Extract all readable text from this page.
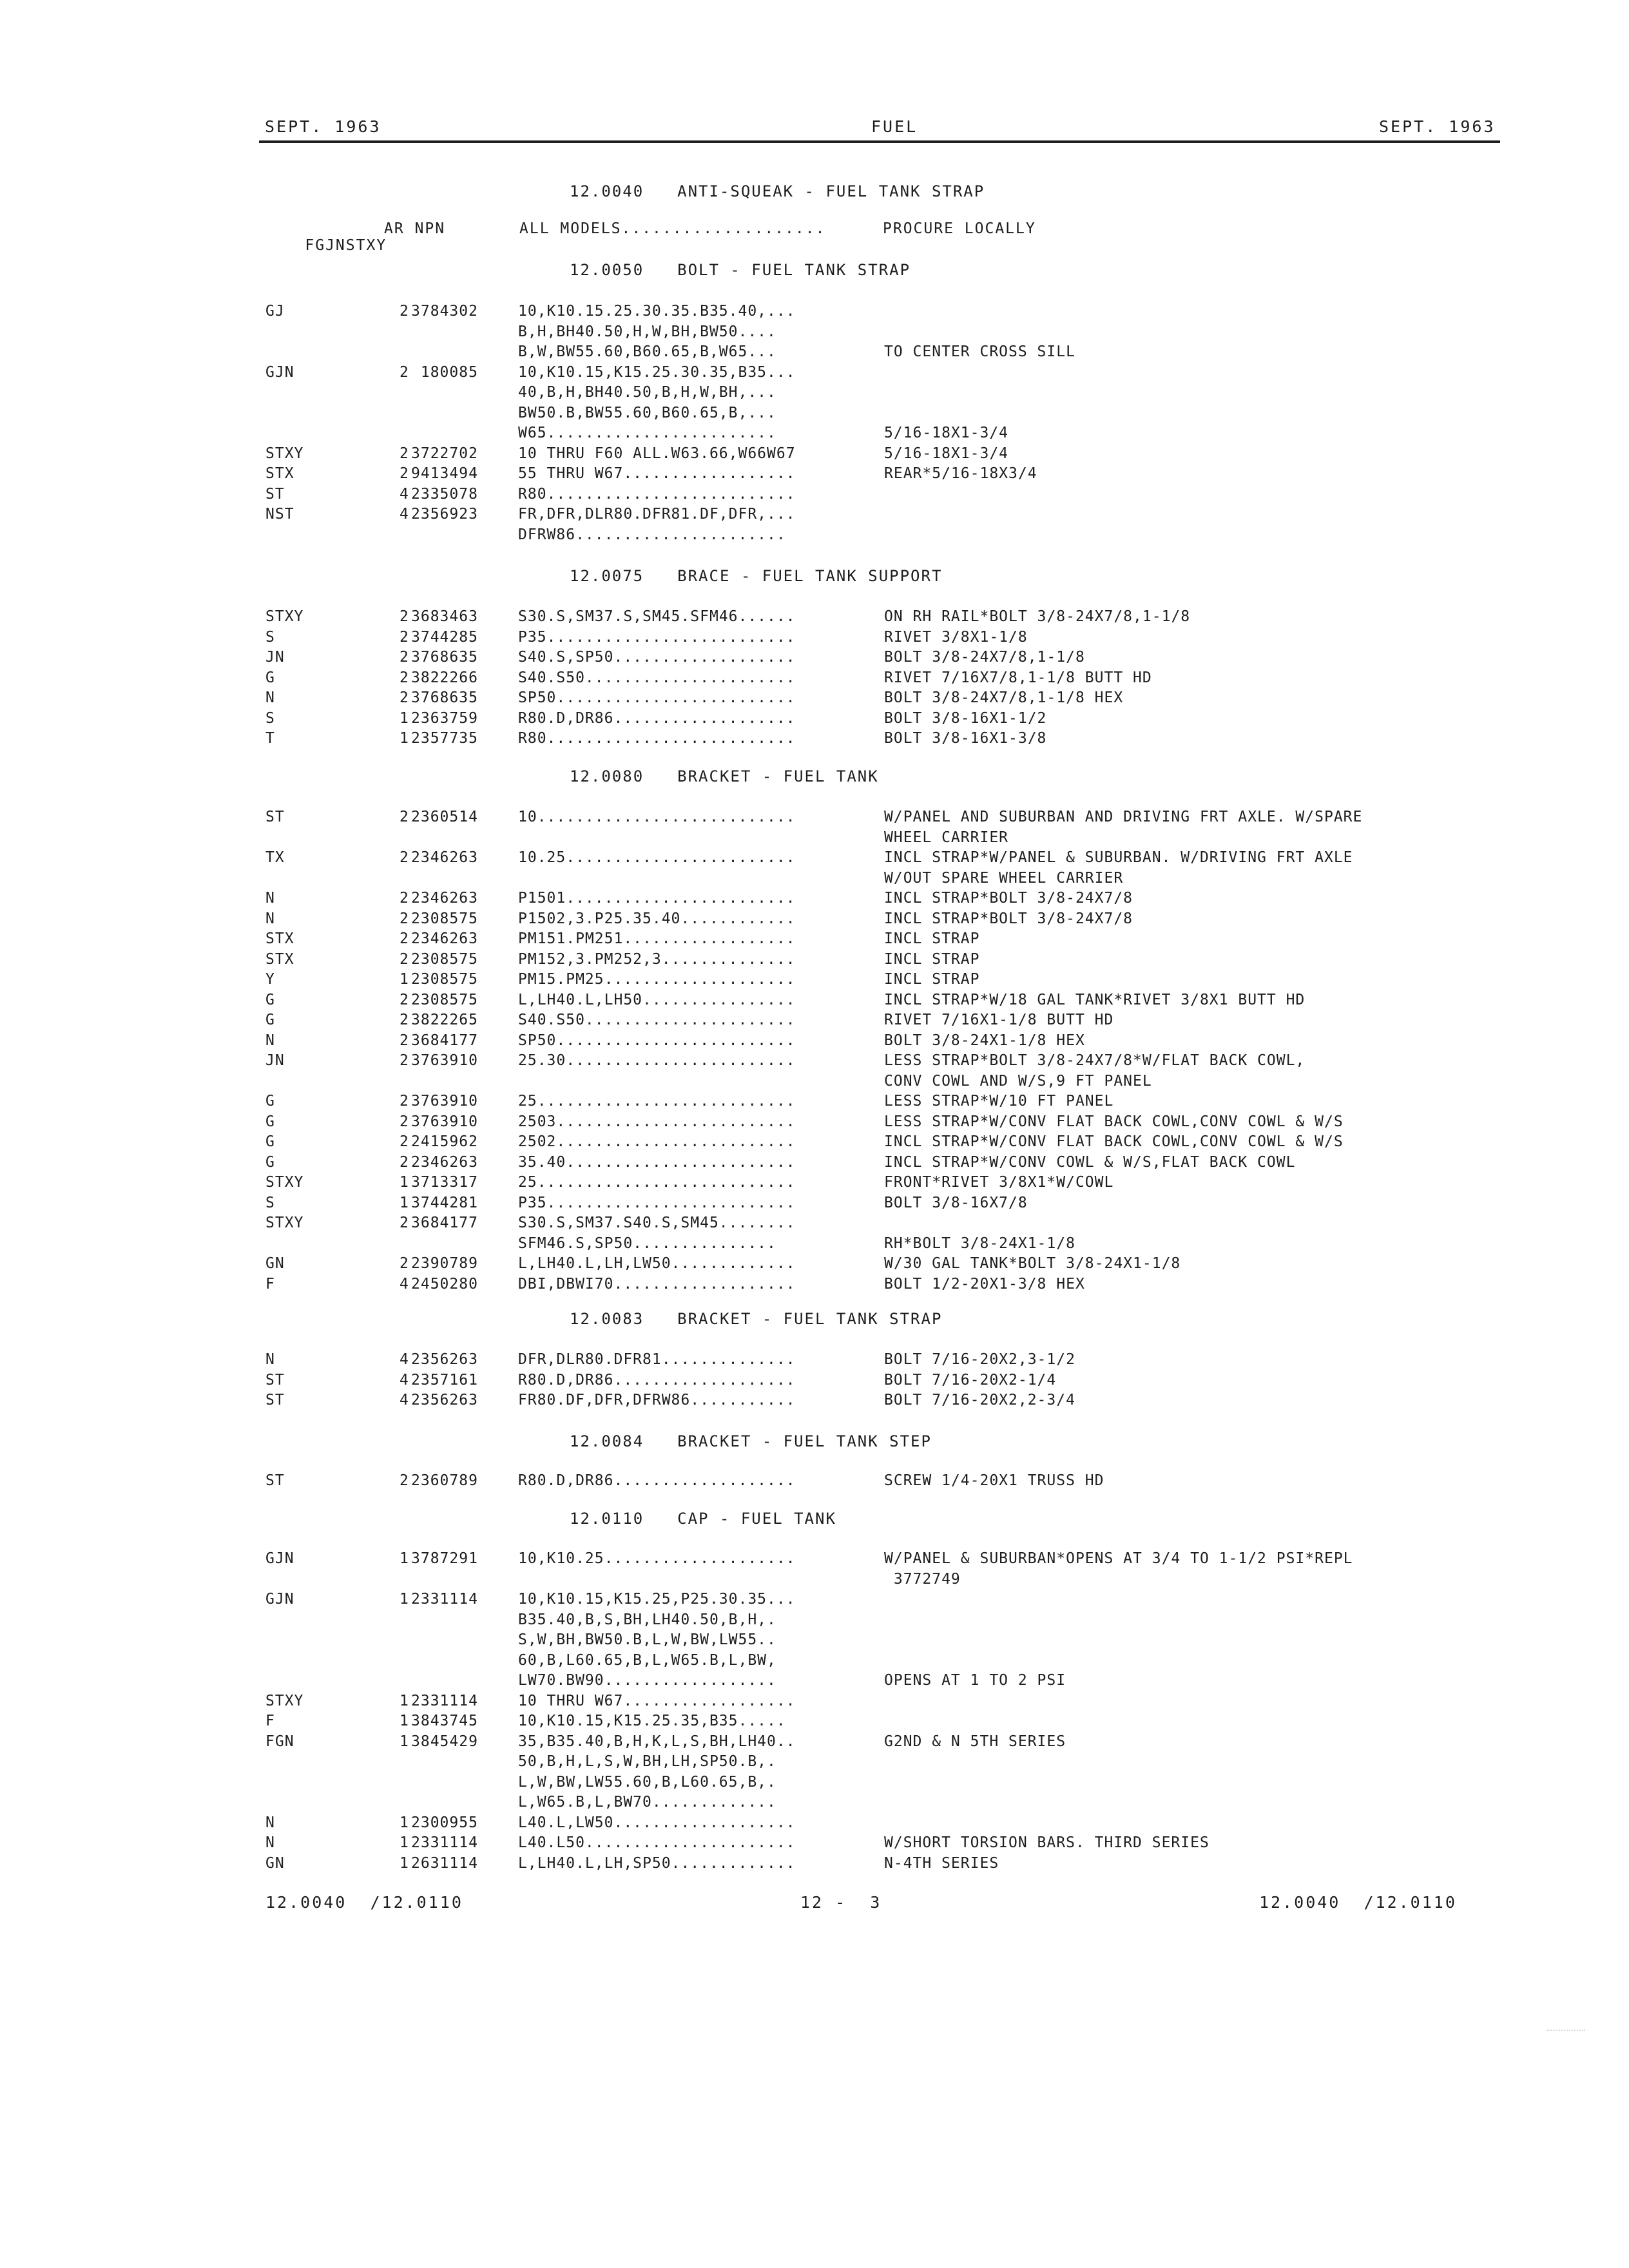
SEPT. 1963	FUEL	SEPT. 1963

FGJNSTXY
AR NPN	ALL MODELS....................	PROCURE LOCALLY

12.0040 ANTI-SQUEAK - FUEL TANK STRAP
12.0050 BOLT - FUEL TANK STRAP
GJ	2 3784302	10,K10.15.25.30.35.B35.40,...
B,H,BH40.50,H,W,BH,BW50....
B,W,BW55.60,B60.65,B,W65...	TO CENTER CROSS SILL
GJN	2 180085	10,K10.15,K15.25.30.35,B35...
40,B,H,BH40.50,B,H,W,BH,...
BW50.B,BW55.60,B60.65,B,...
W65........................	5/16-18X1-3/4
STXY	2 3722702	10 THRU F60 ALL.W63.66,W66W67	5/16-18X1-3/4
STX	2 9413494	55 THRU W67..................	REAR*5/16-18X3/4
ST	4 2335078	R80..........................
NST	4 2356923	FR,DFR,DLR80.DFR81.DF,DFR,...
DFRW86......................
12.0075 BRACE - FUEL TANK SUPPORT
STXY	2 3683463	S30.S,SM37.S,SM45.SFM46......	ON RH RAIL*BOLT 3/8-24X7/8,1-1/8
S	2 3744285	P35..........................	RIVET 3/8X1-1/8
JN	2 3768635	S40.S,SP50...................	BOLT 3/8-24X7/8,1-1/8
G	2 3822266	S40.S50......................	RIVET 7/16X7/8,1-1/8 BUTT HD
N	2 3768635	SP50.........................	BOLT 3/8-24X7/8,1-1/8 HEX
S	1 2363759	R80.D,DR86...................	BOLT 3/8-16X1-1/2
T	1 2357735	R80..........................	BOLT 3/8-16X1-3/8
12.0080 BRACKET - FUEL TANK
ST	2 2360514	10...........................	W/PANEL AND SUBURBAN AND DRIVING FRT AXLE. W/SPARE
WHEEL CARRIER
TX	2 2346263	10.25........................	INCL STRAP*W/PANEL & SUBURBAN. W/DRIVING FRT AXLE
W/OUT SPARE WHEEL CARRIER
N	2 2346263	P1501........................	INCL STRAP*BOLT 3/8-24X7/8
N	2 2308575	P1502,3.P25.35.40............	INCL STRAP*BOLT 3/8-24X7/8
STX	2 2346263	PM151.PM251..................	INCL STRAP
STX	2 2308575	PM152,3.PM252,3..............	INCL STRAP
Y	1 2308575	PM15.PM25....................	INCL STRAP
G	2 2308575	L,LH40.L,LH50................	INCL STRAP*W/18 GAL TANK*RIVET 3/8X1 BUTT HD
G	2 3822265	S40.S50......................	RIVET 7/16X1-1/8 BUTT HD
N	2 3684177	SP50.........................	BOLT 3/8-24X1-1/8 HEX
JN	2 3763910	25.30........................	LESS STRAP*BOLT 3/8-24X7/8*W/FLAT BACK COWL,
CONV COWL AND W/S,9 FT PANEL
G	2 3763910	25...........................	LESS STRAP*W/10 FT PANEL
G	2 3763910	2503.........................	LESS STRAP*W/CONV FLAT BACK COWL,CONV COWL & W/S
G	2 2415962	2502.........................	INCL STRAP*W/CONV FLAT BACK COWL,CONV COWL & W/S
G	2 2346263	35.40........................	INCL STRAP*W/CONV COWL & W/S,FLAT BACK COWL
STXY	1 3713317	25...........................	FRONT*RIVET 3/8X1*W/COWL
S	1 3744281	P35..........................	BOLT 3/8-16X7/8
STXY	2 3684177	S30.S,SM37.S40.S,SM45........
SFM46.S,SP50...............	RH*BOLT 3/8-24X1-1/8
GN	2 2390789	L,LH40.L,LH,LW50.............	W/30 GAL TANK*BOLT 3/8-24X1-1/8
F	4 2450280	DBI,DBWI70...................	BOLT 1/2-20X1-3/8 HEX
12.0083 BRACKET - FUEL TANK STRAP
N	4 2356263	DFR,DLR80.DFR81..............	BOLT 7/16-20X2,3-1/2
ST	4 2357161	R80.D,DR86...................	BOLT 7/16-20X2-1/4
ST	4 2356263	FR80.DF,DFR,DFRW86...........	BOLT 7/16-20X2,2-3/4
12.0084 BRACKET - FUEL TANK STEP
ST	2 2360789	R80.D,DR86...................	SCREW 1/4-20X1 TRUSS HD
12.0110 CAP - FUEL TANK
GJN	1 3787291	10,K10.25....................	W/PANEL & SUBURBAN*OPENS AT 3/4 TO 1-1/2 PSI*REPL
3772749
GJN	1 2331114	10,K10.15,K15.25,P25.30.35...
B35.40,B,S,BH,LH40.50,B,H,.
S,W,BH,BW50.B,L,W,BW,LW55..
60,B,L60.65,B,L,W65.B,L,BW,
LW70.BW90..................	OPENS AT 1 TO 2 PSI
STXY	1 2331114	10 THRU W67..................
F	1 3843745	10,K10.15,K15.25.35,B35.....
FGN	1 3845429	35,B35.40,B,H,K,L,S,BH,LH40..	G2ND & N 5TH SERIES
50,B,H,L,S,W,BH,LH,SP50.B,.
L,W,BW,LW55.60,B,L60.65,B,.
L,W65.B,L,BW70.............
N	1 2300955	L40.L,LW50...................
N	1 2331114	L40.L50......................	W/SHORT TORSION BARS. THIRD SERIES
GN	1 2631114	L,LH40.L,LH,SP50.............	N-4TH SERIES
12.0040  /12.0110	12 -  3	12.0040  /12.0110
